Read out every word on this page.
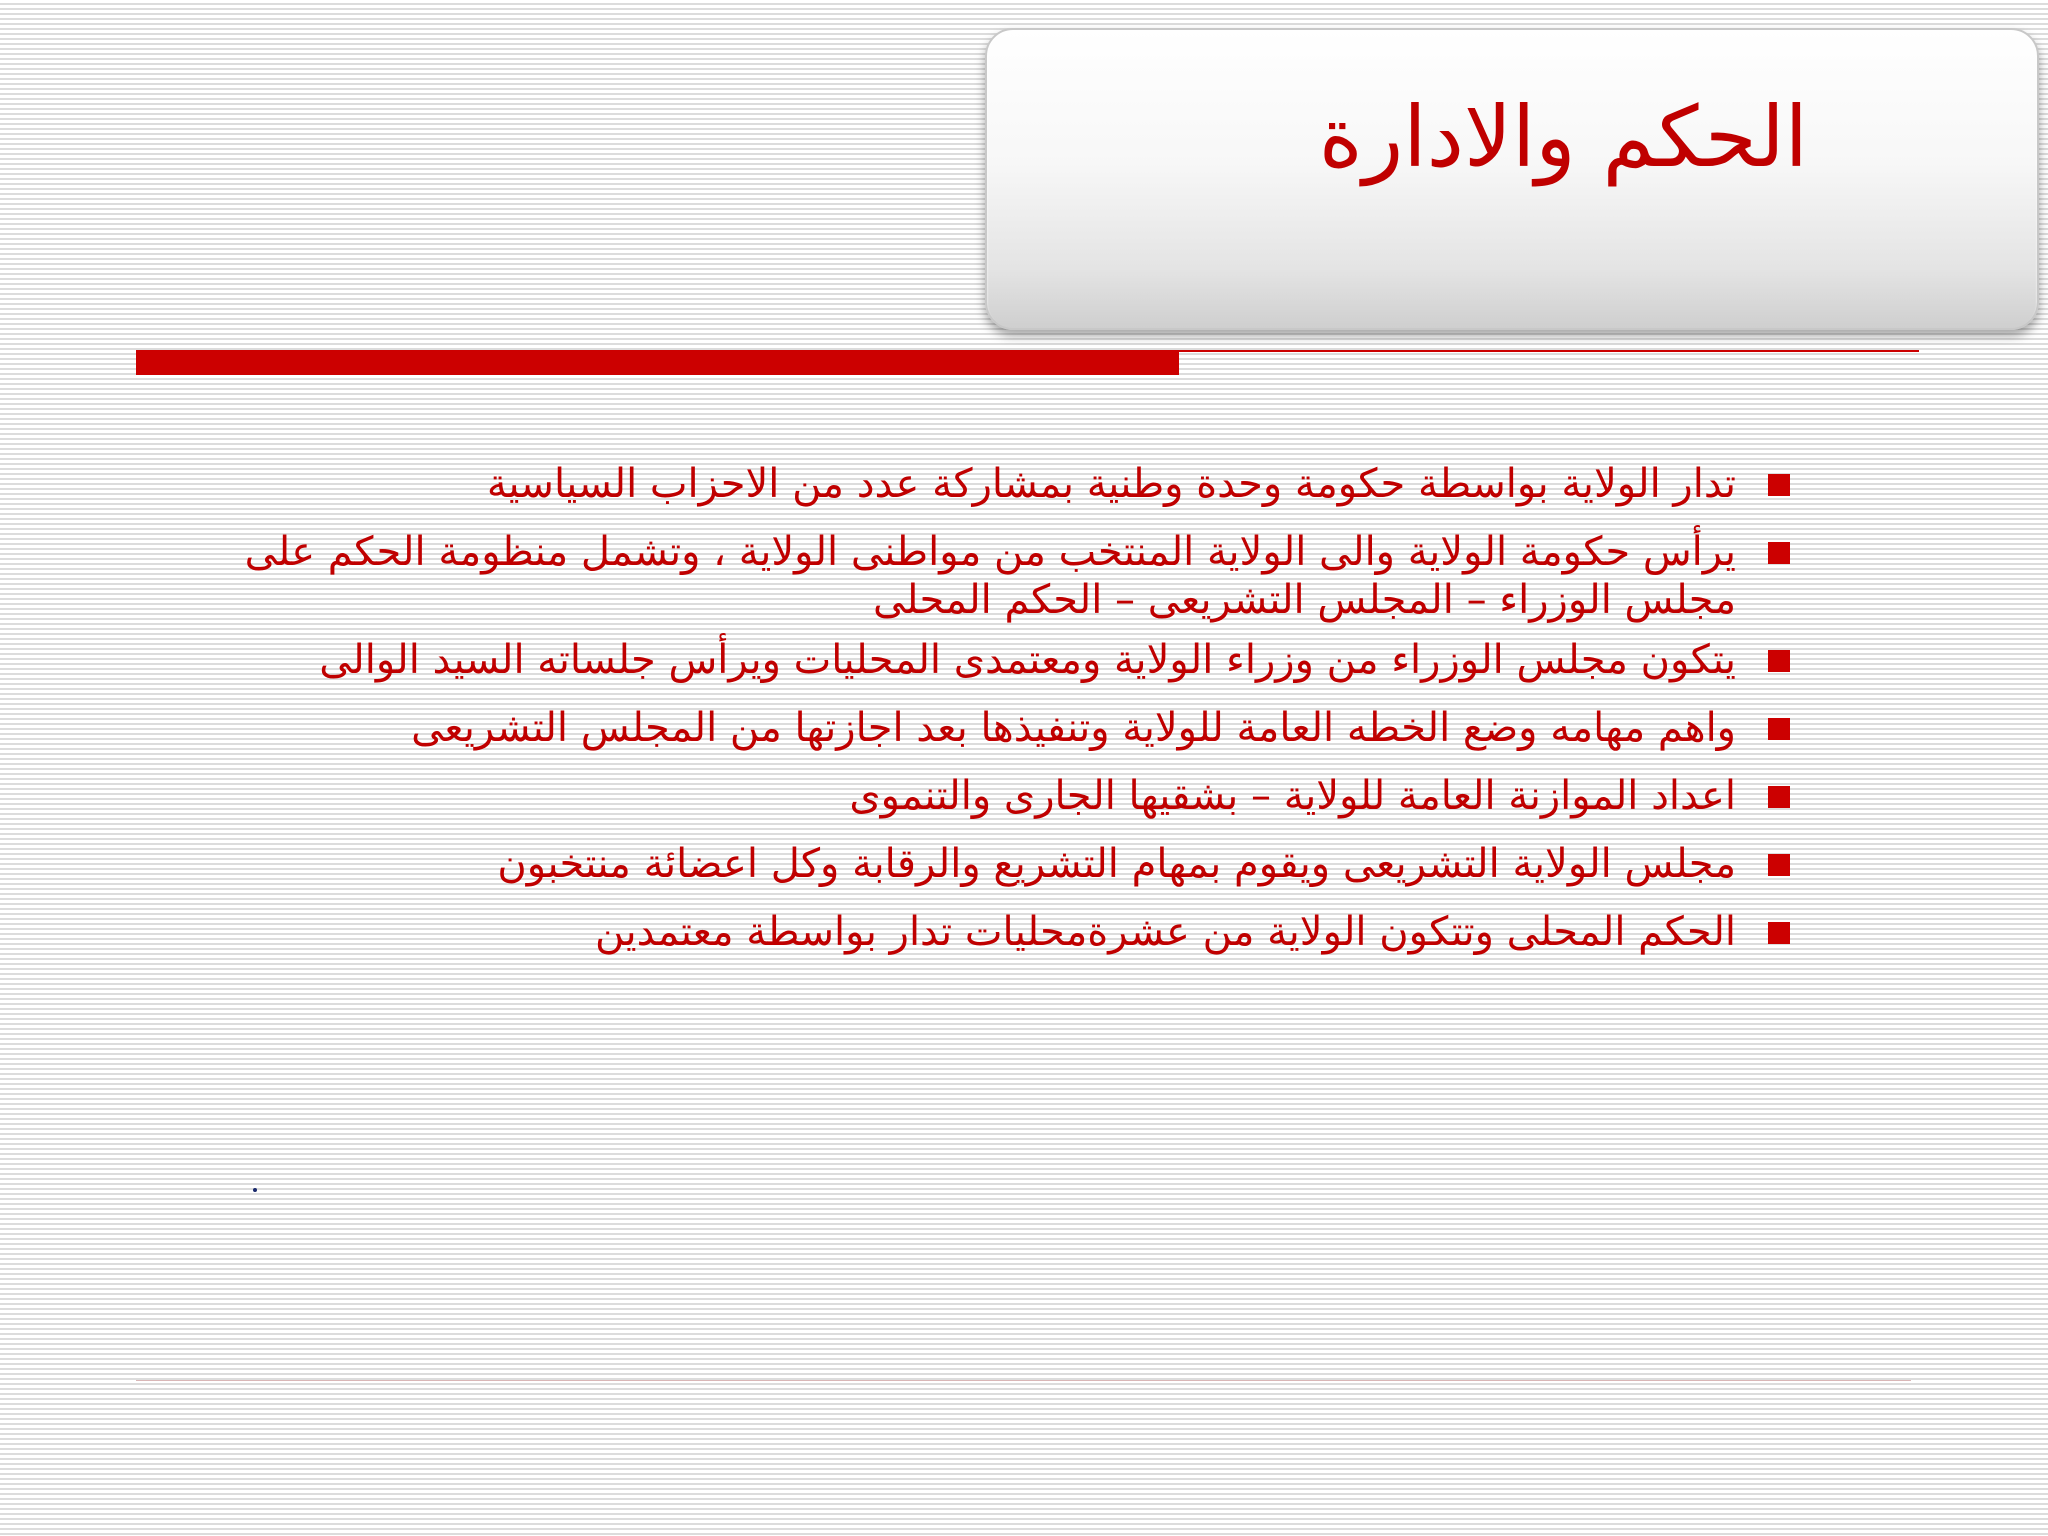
الحكم والادارة
تدار الولاية بواسطة حكومة وحدة وطنية بمشاركة عدد من الاحزاب السياسية
يرأس حكومة الولاية والى الولاية المنتخب من مواطنى الولاية ، وتشمل منظومة الحكم على مجلس الوزراء – المجلس التشريعى – الحكم المحلى
يتكون مجلس الوزراء من وزراء الولاية ومعتمدى المحليات ويرأس جلساته السيد الوالى
واهم مهامه وضع الخطه العامة للولاية وتنفيذها بعد اجازتها من المجلس التشريعى
اعداد الموازنة العامة للولاية – بشقيها الجارى والتنموى
مجلس الولاية التشريعى ويقوم بمهام التشريع والرقابة وكل اعضائة منتخبون
الحكم المحلى وتتكون الولاية من عشرةمحليات تدار بواسطة معتمدين
